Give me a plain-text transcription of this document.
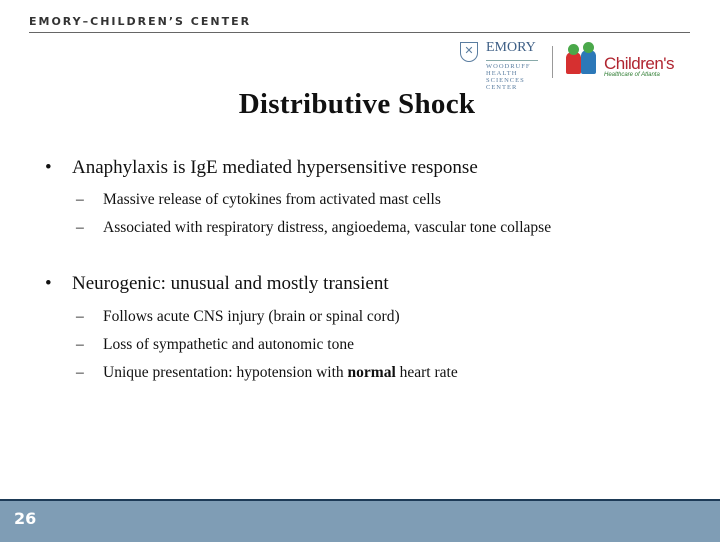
EMORY–CHILDREN’S CENTER
✕ EMORY
WOODRUFF HEALTH SCIENCES CENTER
Children's
Healthcare of Atlanta
Distributive Shock
• Anaphylaxis is IgE mediated hypersensitive response
– Massive release of cytokines from activated mast cells
– Associated with respiratory distress, angioedema, vascular tone collapse
• Neurogenic: unusual and mostly transient
– Follows acute CNS injury (brain or spinal cord)
– Loss of sympathetic and autonomic tone
– Unique presentation: hypotension with normal heart rate
26
